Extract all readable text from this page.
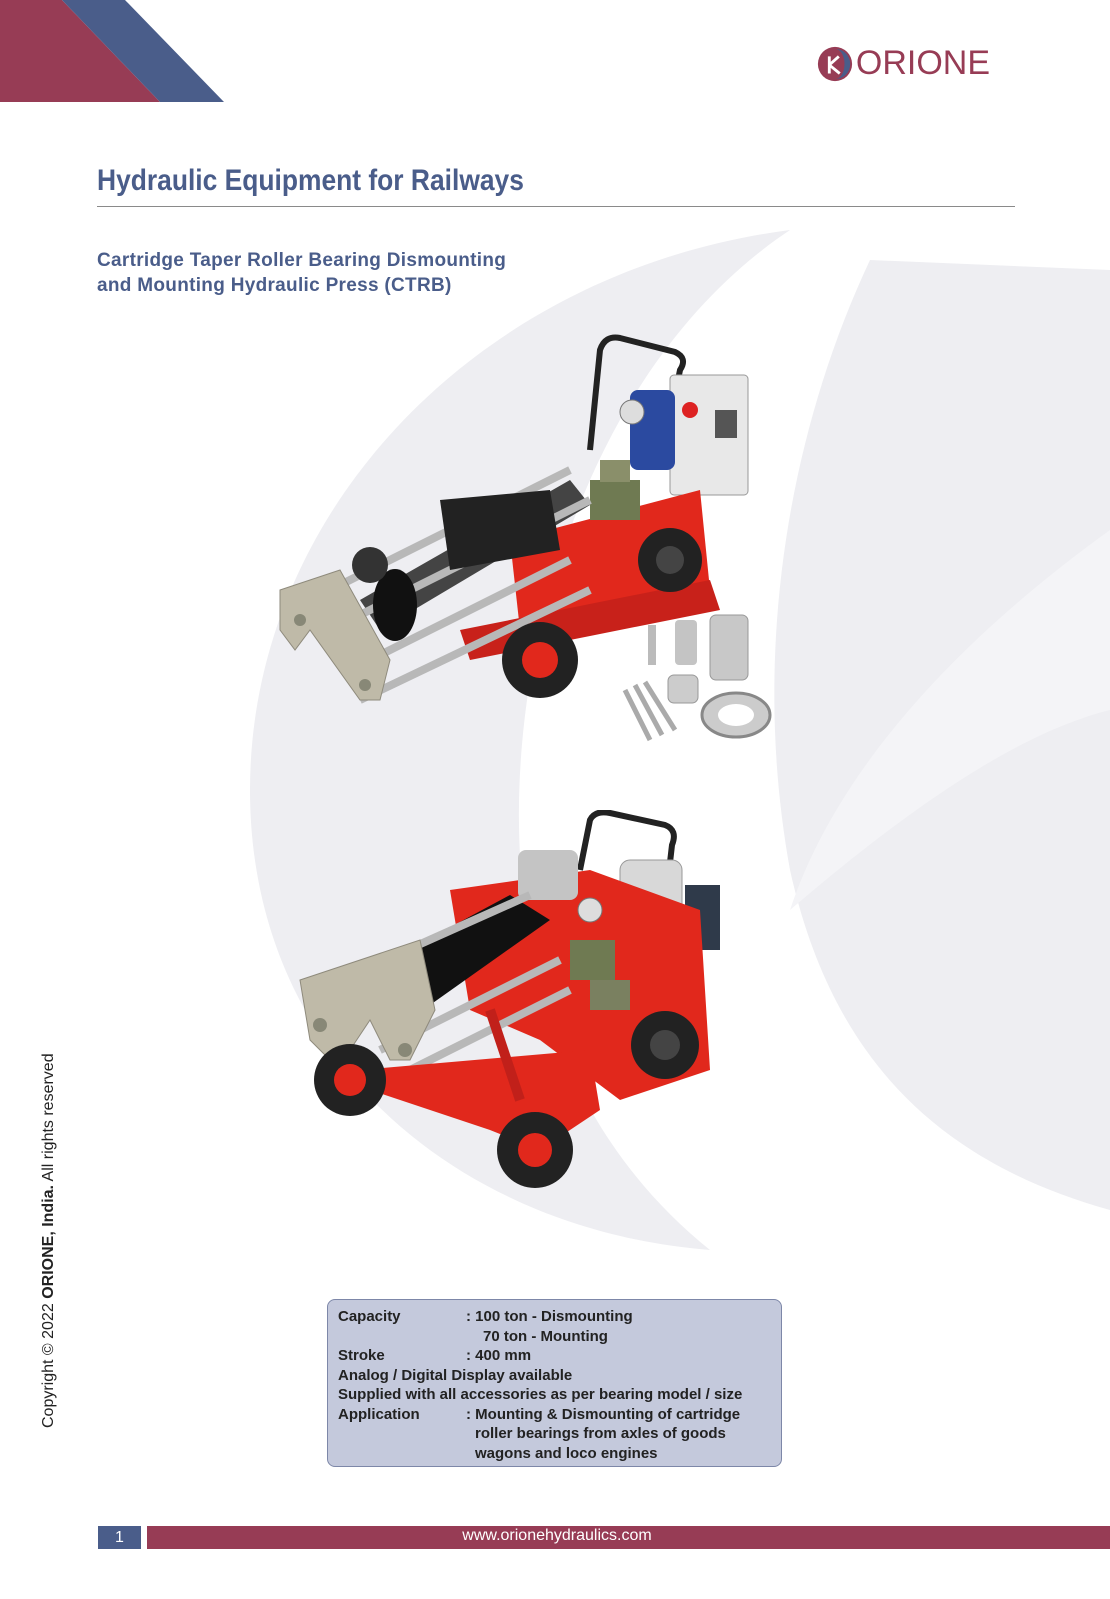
ORIONE
Hydraulic Equipment for Railways
Cartridge Taper Roller Bearing Dismounting
and Mounting Hydraulic Press (CTRB)
Capacity	: 100 ton - Dismounting
70 ton - Mounting
Stroke	: 400 mm
Analog / Digital Display available
Supplied with all accessories as per bearing model / size
Application	: Mounting & Dismounting of cartridge
roller bearings from axles of goods
wagons and loco engines
Copyright © 2022 ORIONE, India. All rights reserved
1	www.orionehydraulics.com
